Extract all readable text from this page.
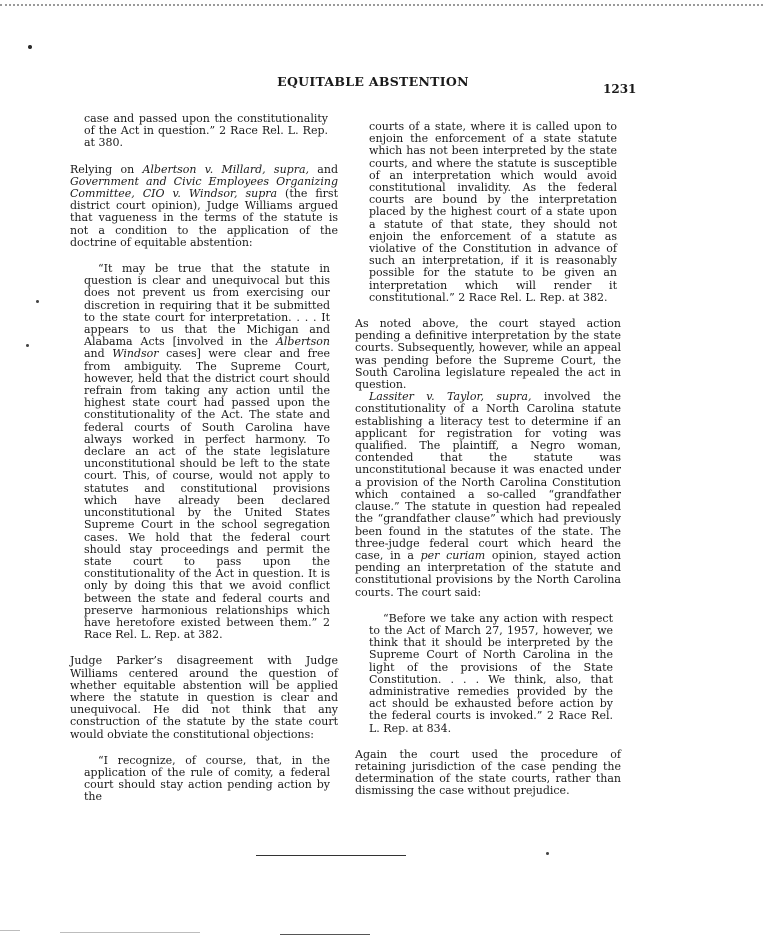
EQUITABLE ABSTENTION	1231

case and passed upon the constitutionality of the Act in question.” 2 Race Rel. L. Rep. at 380.

Relying on Albertson v. Millard, supra, and Government and Civic Employees Organizing Committee, CIO v. Windsor, supra (the first district court opinion), Judge Williams argued that vagueness in the terms of the statute is not a condition to the application of the doctrine of equitable abstention:

“It may be true that the statute in question is clear and unequivocal but this does not prevent us from exercising our discretion in requiring that it be submitted to the state court for interpretation. . . . It appears to us that the Michigan and Alabama Acts [involved in the Albertson and Windsor cases] were clear and free from ambiguity. The Supreme Court, however, held that the district court should refrain from taking any action until the highest state court had passed upon the constitutionality of the Act. The state and federal courts of South Carolina have always worked in perfect harmony. To declare an act of the state legislature unconstitutional should be left to the state court. This, of course, would not apply to statutes and constitutional provisions which have already been declared unconstitutional by the United States Supreme Court in the school segregation cases. We hold that the federal court should stay proceedings and permit the state court to pass upon the constitutionality of the Act in question. It is only by doing this that we avoid conflict between the state and federal courts and preserve harmonious relationships which have heretofore existed between them.” 2 Race Rel. L. Rep. at 382.

Judge Parker’s disagreement with Judge Williams centered around the question of whether equitable abstention will be applied where the statute in question is clear and unequivocal. He did not think that any construction of the statute by the state court would obviate the constitutional objections:

“I recognize, of course, that, in the application of the rule of comity, a federal court should stay action pending action by the

courts of a state, where it is called upon to enjoin the enforcement of a state statute which has not been interpreted by the state courts, and where the statute is susceptible of an interpretation which would avoid constitutional invalidity. As the federal courts are bound by the interpretation placed by the highest court of a state upon a statute of that state, they should not enjoin the enforcement of a statute as violative of the Constitution in advance of such an interpretation, if it is reasonably possible for the statute to be given an interpretation which will render it constitutional.” 2 Race Rel. L. Rep. at 382.

As noted above, the court stayed action pending a definitive interpretation by the state courts. Subsequently, however, while an appeal was pending before the Supreme Court, the South Carolina legislature repealed the act in question.

Lassiter v. Taylor, supra, involved the constitutionality of a North Carolina statute establishing a literacy test to determine if an applicant for registration for voting was qualified. The plaintiff, a Negro woman, contended that the statute was unconstitutional because it was enacted under a provision of the North Carolina Constitution which contained a so-called “grandfather clause.” The statute in question had repealed the “grandfather clause” which had previously been found in the statutes of the state. The three-judge federal court which heard the case, in a per curiam opinion, stayed action pending an interpretation of the statute and constitutional provisions by the North Carolina courts. The court said:

“Before we take any action with respect to the Act of March 27, 1957, however, we think that it should be interpreted by the Supreme Court of North Carolina in the light of the provisions of the State Constitution. . . . We think, also, that administrative remedies provided by the act should be exhausted before action by the federal courts is invoked.” 2 Race Rel. L. Rep. at 834.

Again the court used the procedure of retaining jurisdiction of the case pending the determination of the state courts, rather than dismissing the case without prejudice.
